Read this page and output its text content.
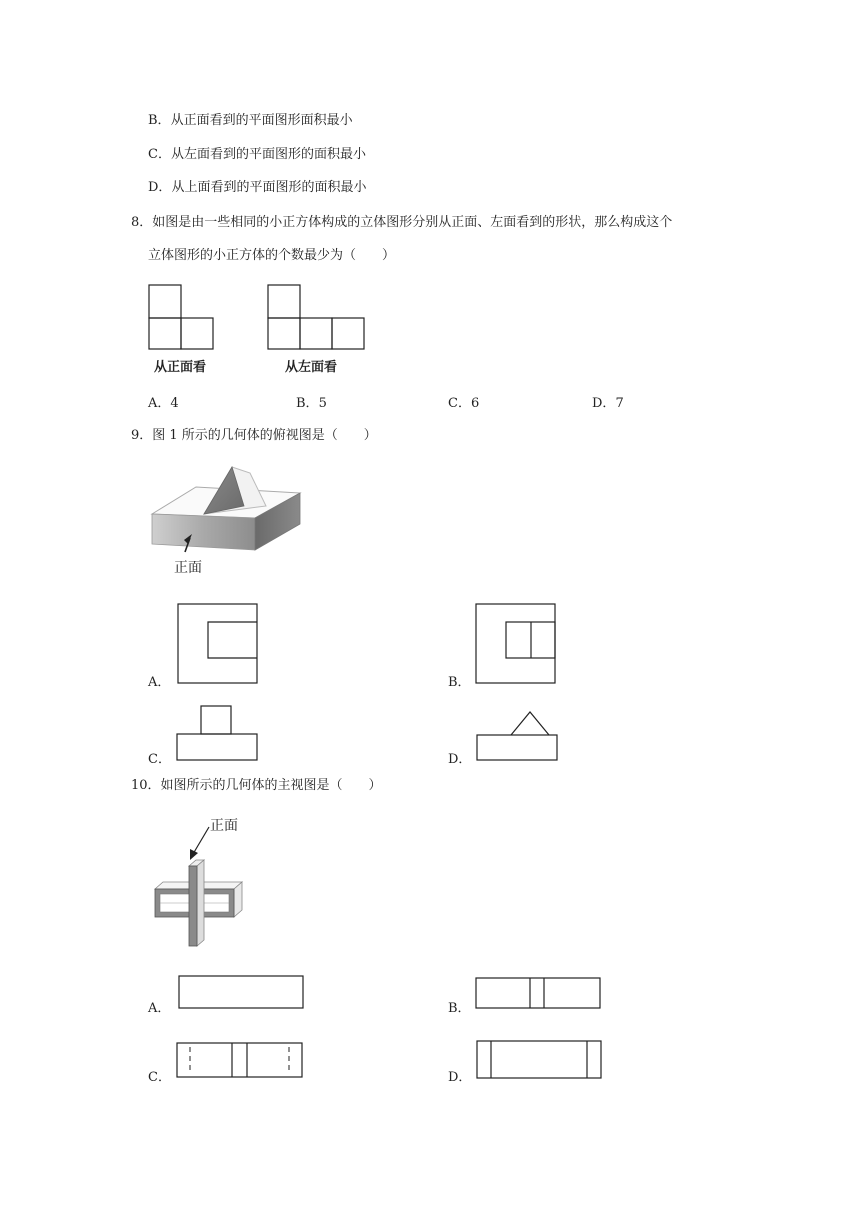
B．从正面看到的平面图形面积最小
C．从左面看到的平面图形的面积最小
D．从上面看到的平面图形的面积最小
8．如图是由一些相同的小正方体构成的立体图形分别从正面、左面看到的形状，那么构成这个
立体图形的小正方体的个数最少为（　　）
从正面看	从左面看
A．4	B．5	C．6	D．7
9．图 1 所示的几何体的俯视图是（　　）
正面
A．	B．
C．	D．
10．如图所示的几何体的主视图是（　　）
正面
A．	B．
C．	D．
